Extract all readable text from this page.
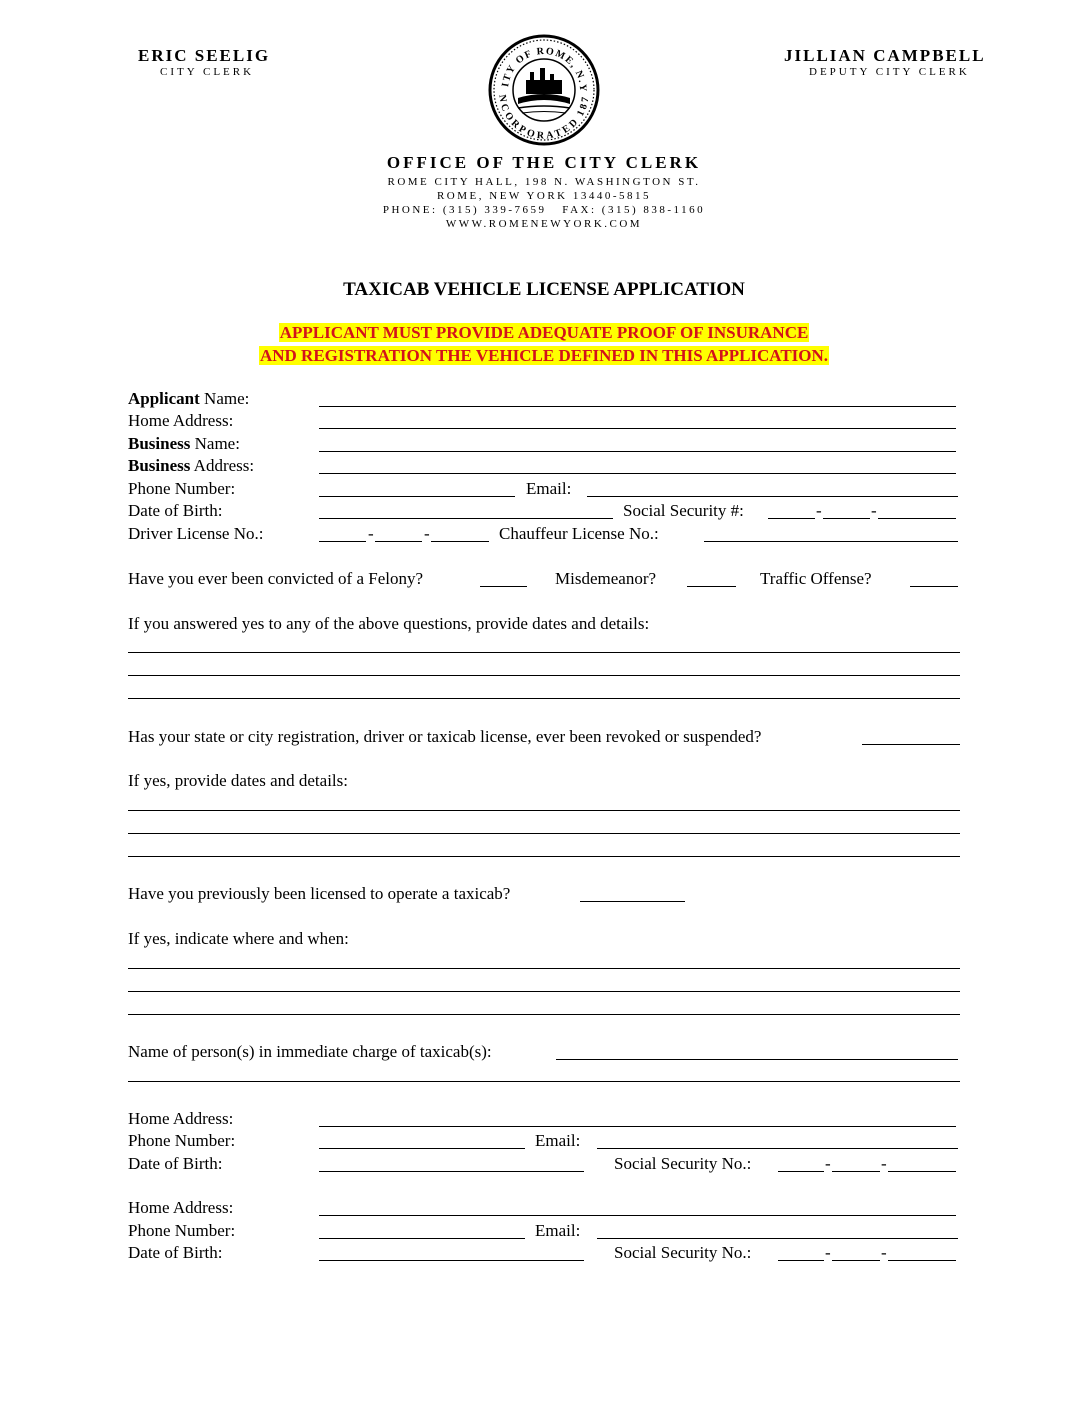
ERIC SEELIG
CITY CLERK
JILLIAN CAMPBELL
DEPUTY CITY CLERK
ITY OF ROME, N.Y
NCORPORATED 187
OFFICE OF THE CITY CLERK
ROME CITY HALL, 198 N. WASHINGTON ST.
ROME, NEW YORK 13440-5815
PHONE: (315) 339-7659   FAX: (315) 838-1160
WWW.ROMENEWYORK.COM
TAXICAB VEHICLE LICENSE APPLICATION
APPLICANT MUST PROVIDE ADEQUATE PROOF OF INSURANCE
AND REGISTRATION THE VEHICLE DEFINED IN THIS APPLICATION.
Applicant Name:
Home Address:
Business Name:
Business Address:
Phone Number:	Email:
Date of Birth:	Social Security #:	-	-
Driver License No.:	-	-	Chauffeur License No.:
Have you ever been convicted of a Felony?	Misdemeanor?	Traffic Offense?
If you answered yes to any of the above questions, provide dates and details:
Has your state or city registration, driver or taxicab license, ever been revoked or suspended?
If yes, provide dates and details:
Have you previously been licensed to operate a taxicab?
If yes, indicate where and when:
Name of person(s) in immediate charge of taxicab(s):
Home Address:
Phone Number:	Email:
Date of Birth:	Social Security No.:	-	-
Home Address:
Phone Number:	Email:
Date of Birth:	Social Security No.:	-	-
